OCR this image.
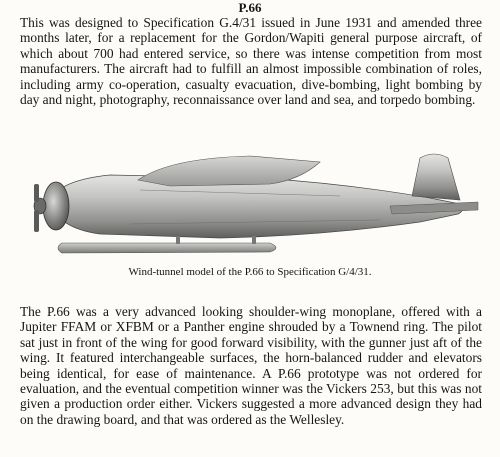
P.66

This was designed to Specification G.4/31 issued in June 1931 and amended three months later, for a replacement for the Gordon/Wapiti general purpose aircraft, of which about 700 had entered service, so there was intense competition from most manufacturers. The aircraft had to fulfill an almost impossible combination of roles, including army co-operation, casualty evacuation, dive-bombing, light bombing by day and night, photography, reconnaissance over land and sea, and torpedo bombing.

Wind-tunnel model of the P.66 to Specification G/4/31.

The P.66 was a very advanced looking shoulder-wing monoplane, offered with a Jupiter FFAM or XFBM or a Panther engine shrouded by a Townend ring. The pilot sat just in front of the wing for good forward visibility, with the gunner just aft of the wing. It featured interchangeable surfaces, the horn-balanced rudder and elevators being identical, for ease of maintenance. A P.66 prototype was not ordered for evaluation, and the eventual competition winner was the Vickers 253, but this was not given a production order either. Vickers suggested a more advanced design they had on the drawing board, and that was ordered as the Wellesley.
